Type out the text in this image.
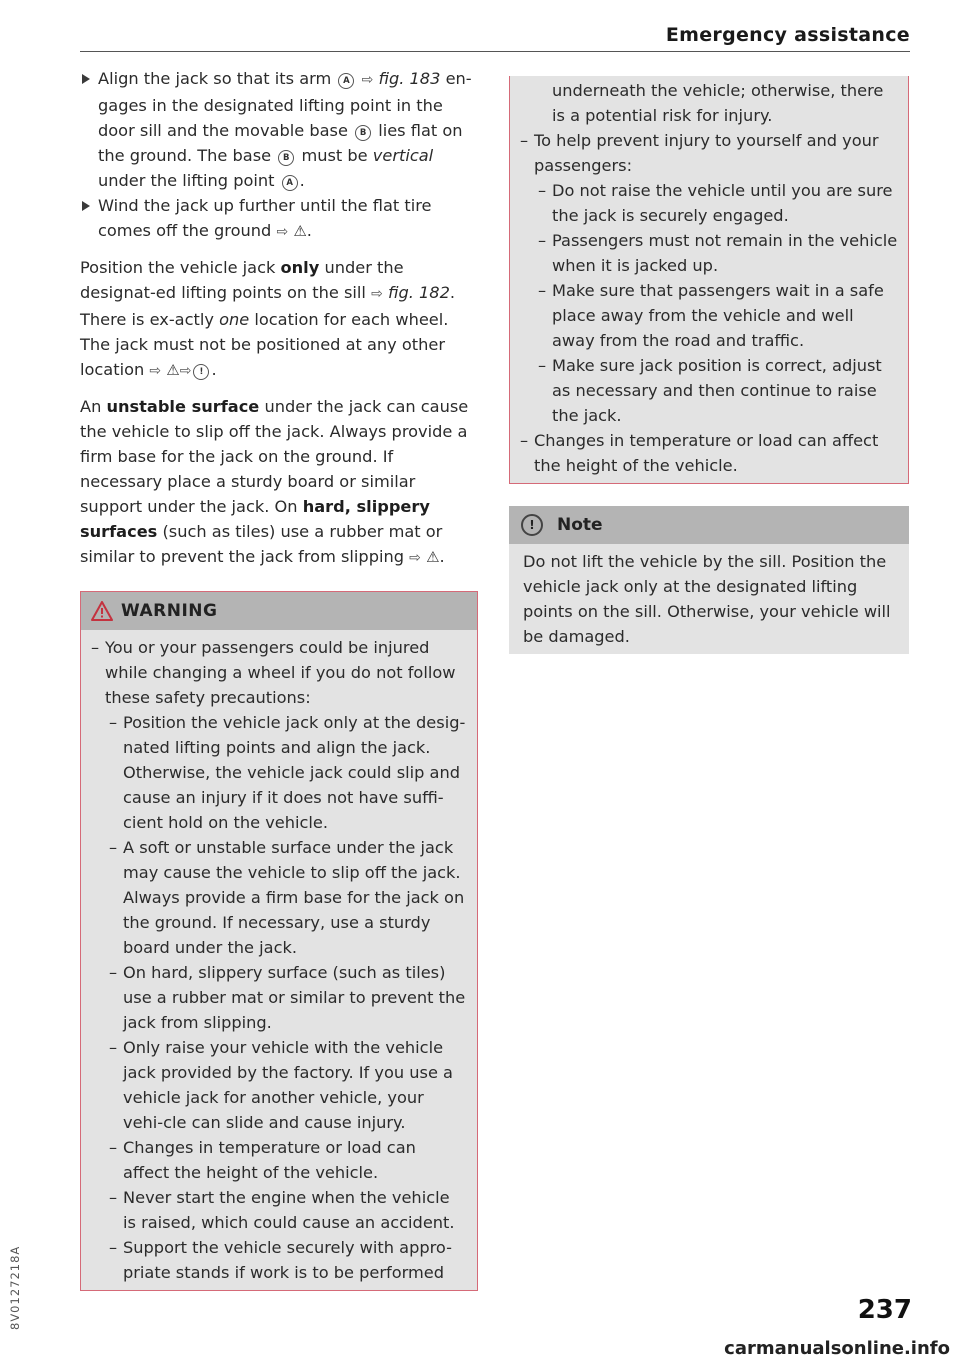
Emergency assistance

Align the jack so that its arm A ⇨ fig. 183 en-gages in the designated lifting point in the door sill and the movable base B lies flat on the ground. The base B must be vertical under the lifting point A .

Wind the jack up further until the flat tire comes off the ground ⇨ ⚠.

Position the vehicle jack only under the designat-ed lifting points on the sill ⇨ fig. 182. There is ex-actly one location for each wheel. The jack must not be positioned at any other location ⇨ ⚠⇨ ! .

An unstable surface under the jack can cause the vehicle to slip off the jack. Always provide a firm base for the jack on the ground. If necessary place a sturdy board or similar support under the jack. On hard, slippery surfaces (such as tiles) use a rubber mat or similar to prevent the jack from slipping ⇨ ⚠.

WARNING

– You or your passengers could be injured while changing a wheel if you do not follow these safety precautions:

– Position the vehicle jack only at the desig-nated lifting points and align the jack. Otherwise, the vehicle jack could slip and cause an injury if it does not have suffi-cient hold on the vehicle.

– A soft or unstable surface under the jack may cause the vehicle to slip off the jack. Always provide a firm base for the jack on the ground. If necessary, use a sturdy board under the jack.

– On hard, slippery surface (such as tiles) use a rubber mat or similar to prevent the jack from slipping.

– Only raise your vehicle with the vehicle jack provided by the factory. If you use a vehicle jack for another vehicle, your vehi-cle can slide and cause injury.

– Changes in temperature or load can affect the height of the vehicle.

– Never start the engine when the vehicle is raised, which could cause an accident.

– Support the vehicle securely with appro-priate stands if work is to be performed

underneath the vehicle; otherwise, there is a potential risk for injury.

– To help prevent injury to yourself and your passengers:

– Do not raise the vehicle until you are sure the jack is securely engaged.

– Passengers must not remain in the vehicle when it is jacked up.

– Make sure that passengers wait in a safe place away from the vehicle and well away from the road and traffic.

– Make sure jack position is correct, adjust as necessary and then continue to raise the jack.

– Changes in temperature or load can affect the height of the vehicle.

!	Note

Do not lift the vehicle by the sill. Position the vehicle jack only at the designated lifting points on the sill. Otherwise, your vehicle will be damaged.

8V0127218A	237
carmanualsonline.info
